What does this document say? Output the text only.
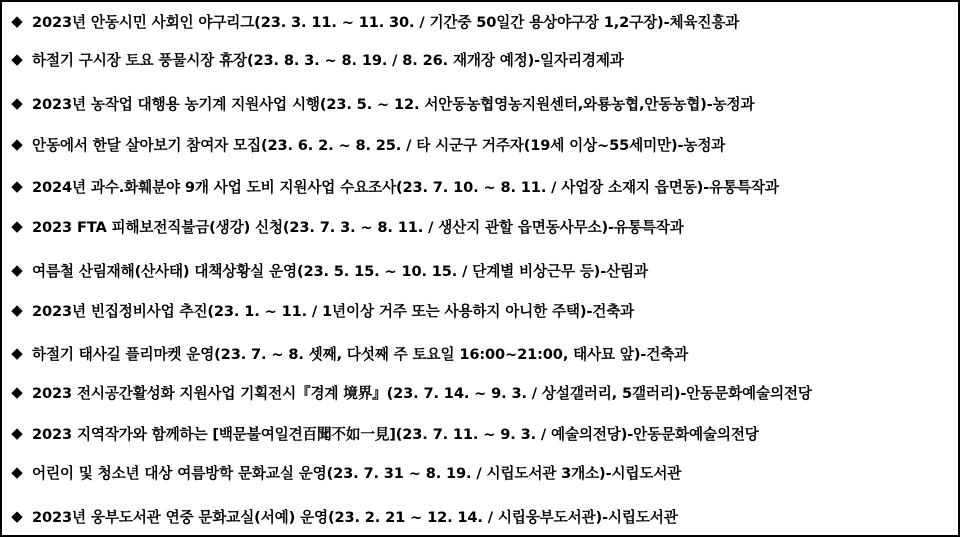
◆ 2023년 안동시민 사회인 야구리그(23. 3. 11. ~ 11. 30. / 기간중 50일간 용상야구장 1,2구장)-체육진흥과
◆ 하절기 구시장 토요 풍물시장 휴장(23. 8. 3. ~ 8. 19. / 8. 26. 재개장 예정)-일자리경제과
◆ 2023년 농작업 대행용 농기계 지원사업 시행(23. 5. ~ 12. 서안동농협영농지원센터,와룡농협,안동농협)-농정과
◆ 안동에서 한달 살아보기 참여자 모집(23. 6. 2. ~ 8. 25. / 타 시군구 거주자(19세 이상~55세미만)-농정과
◆ 2024년 과수.화훼분야 9개 사업 도비 지원사업 수요조사(23. 7. 10. ~ 8. 11. / 사업장 소재지 읍면동)-유통특작과
◆ 2023 FTA 피해보전직불금(생강) 신청(23. 7. 3. ~ 8. 11. / 생산지 관할 읍면동사무소)-유통특작과
◆ 여름철 산림재해(산사태) 대책상황실 운영(23. 5. 15. ~ 10. 15. / 단계별 비상근무 등)-산림과
◆ 2023년 빈집정비사업 추진(23. 1. ~ 11. / 1년이상 거주 또는 사용하지 아니한 주택)-건축과
◆ 하절기 태사길 플리마켓 운영(23. 7. ~ 8. 셋째, 다섯째 주 토요일 16:00~21:00, 태사묘 앞)-건축과
◆ 2023 전시공간활성화 지원사업 기획전시『경계 境界』(23. 7. 14. ~ 9. 3. / 상설갤러리, 5갤러리)-안동문화예술의전당
◆ 2023 지역작가와 함께하는 [백문불여일견百聞不如一見](23. 7. 11. ~ 9. 3. / 예술의전당)-안동문화예술의전당
◆ 어린이 및 청소년 대상 여름방학 문화교실 운영(23. 7. 31 ~ 8. 19. / 시립도서관 3개소)-시립도서관
◆ 2023년 웅부도서관 연중 문화교실(서예) 운영(23. 2. 21 ~ 12. 14. / 시립웅부도서관)-시립도서관
